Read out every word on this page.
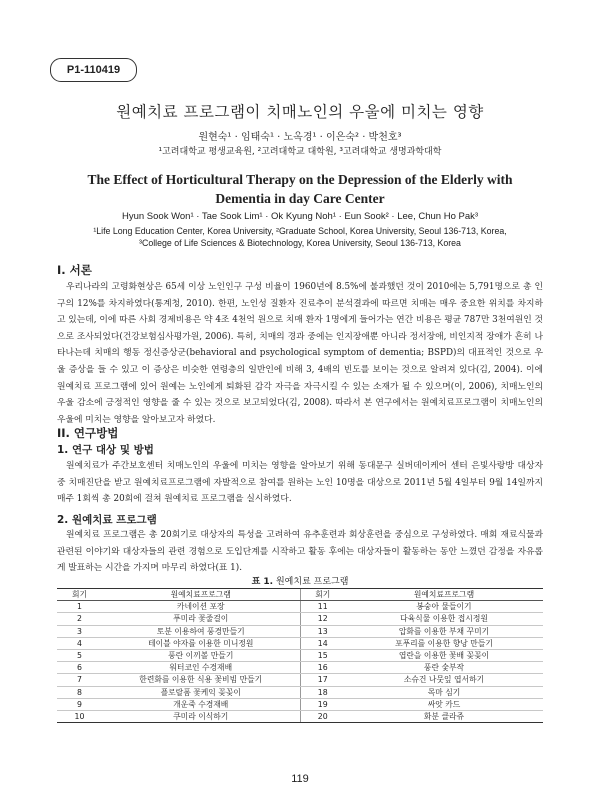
P1-110419
원예치료 프로그램이 치매노인의 우울에 미치는 영향
원현숙¹ · 임태숙¹ · 노옥경¹ · 이은숙² · 박천호³
¹고려대학교 평생교육원, ²고려대학교 대학원, ³고려대학교 생명과학대학
The Effect of Horticultural Therapy on the Depression of the Elderly with
Dementia in day Care Center
Hyun Sook Won¹ · Tae Sook Lim¹ · Ok Kyung Noh¹ · Eun Sook² · Lee, Chun Ho Pak³
¹Life Long Education Center, Korea University, ²Graduate School, Korea University, Seoul 136-713, Korea,
³College of Life Sciences & Biotechnology, Korea University, Seoul 136-713, Korea
I. 서론
우리나라의 고령화현상은 65세 이상 노인인구 구성 비율이 1960년에 8.5%에 불과했던 것이 2010에는 5,791명으로 총 인구의 12%를 차지하였다(통계청, 2010). 한편, 노인성 질환자 진료추이 분석결과에 따르면 치매는 매우 중요한 위치를 차지하고 있는데, 이에 따른 사회 경제비용은 약 4조 4천억 원으로 치매 환자 1명에게 들어가는 연간 비용은 평균 787만 3천여원인 것으로 조사되었다(건강보험심사평가원, 2006). 특히, 치매의 경과 중에는 인지장애뿐 아니라 정서장애, 비인지적 장애가 흔히 나타나는데 치매의 행동 정신증상군(behavioral and psychological symptom of dementia; BSPD)의 대표적인 것으로 우울 증상을 들 수 있고 이 증상은 비슷한 연령층의 일반인에 비해 3, 4배의 빈도를 보이는 것으로 알려져 있다(김, 2004). 이에 원예치료 프로그램에 있어 원예는 노인에게 퇴화된 감각 자극을 자극시킬 수 있는 소재가 될 수 있으며(이, 2006), 치매노인의 우울 감소에 긍정적인 영향을 줄 수 있는 것으로 보고되었다(김, 2008). 따라서 본 연구에서는 원예치료프로그램이 치매노인의 우울에 미치는 영향을 알아보고자 하였다.
II. 연구방법
1. 연구 대상 및 방법
원예치료가 주간보호센터 치매노인의 우울에 미치는 영향을 알아보기 위해 동대문구 실버데이케어 센터 은빛사랑방 대상자 중 치매진단을 받고 원예치료프로그램에 자발적으로 참여를 원하는 노인 10명을 대상으로 2011년 5월 4일부터 9월 14일까지 매주 1회씩 총 20회에 걸쳐 원예치료 프로그램을 실시하였다.
2. 원예치료 프로그램
원예치료 프로그램은 총 20회기로 대상자의 특성을 고려하여 유추훈련과 회상훈련을 중심으로 구성하였다. 매회 재료식물과 관련된 이야기와 대상자들의 관련 경험으로 도입단계를 시작하고 활동 후에는 대상자들이 활동하는 동안 느꼈던 감정을 자유롭게 발표하는 시간을 가지며 마무리 하였다(표 1).
표 1. 원예치료 프로그램
회기	원예치료프로그램	회기	원예치료프로그램
1	카네이션 포장	11	봉숭아 물들이기
2	푸미라 꽃줄걸이	12	다육식물 이용한 접시정원
3	토분 이용하여 풍경만들기	13	압화를 이용한 부채 꾸미기
4	테이블 야자를 이용한 미니정원	14	포푸리를 이용한 향낭 만들기
5	풍란 이끼볼 만들기	15	엽란을 이용한 꽃배 꽂꽂이
6	워터코인 수경재배	16	풍란 숯부작
7	한련화를 이용한 식용 꽃비빔 만들기	17	소슈건 나뭇잎 엽서하기
8	플로랄폼 꽃케익 꽂꽂이	18	목마 심기
9	개운죽 수경재배	19	싸앗 카드
10	쿠미라 이식하기	20	화분 클라쥬
119
